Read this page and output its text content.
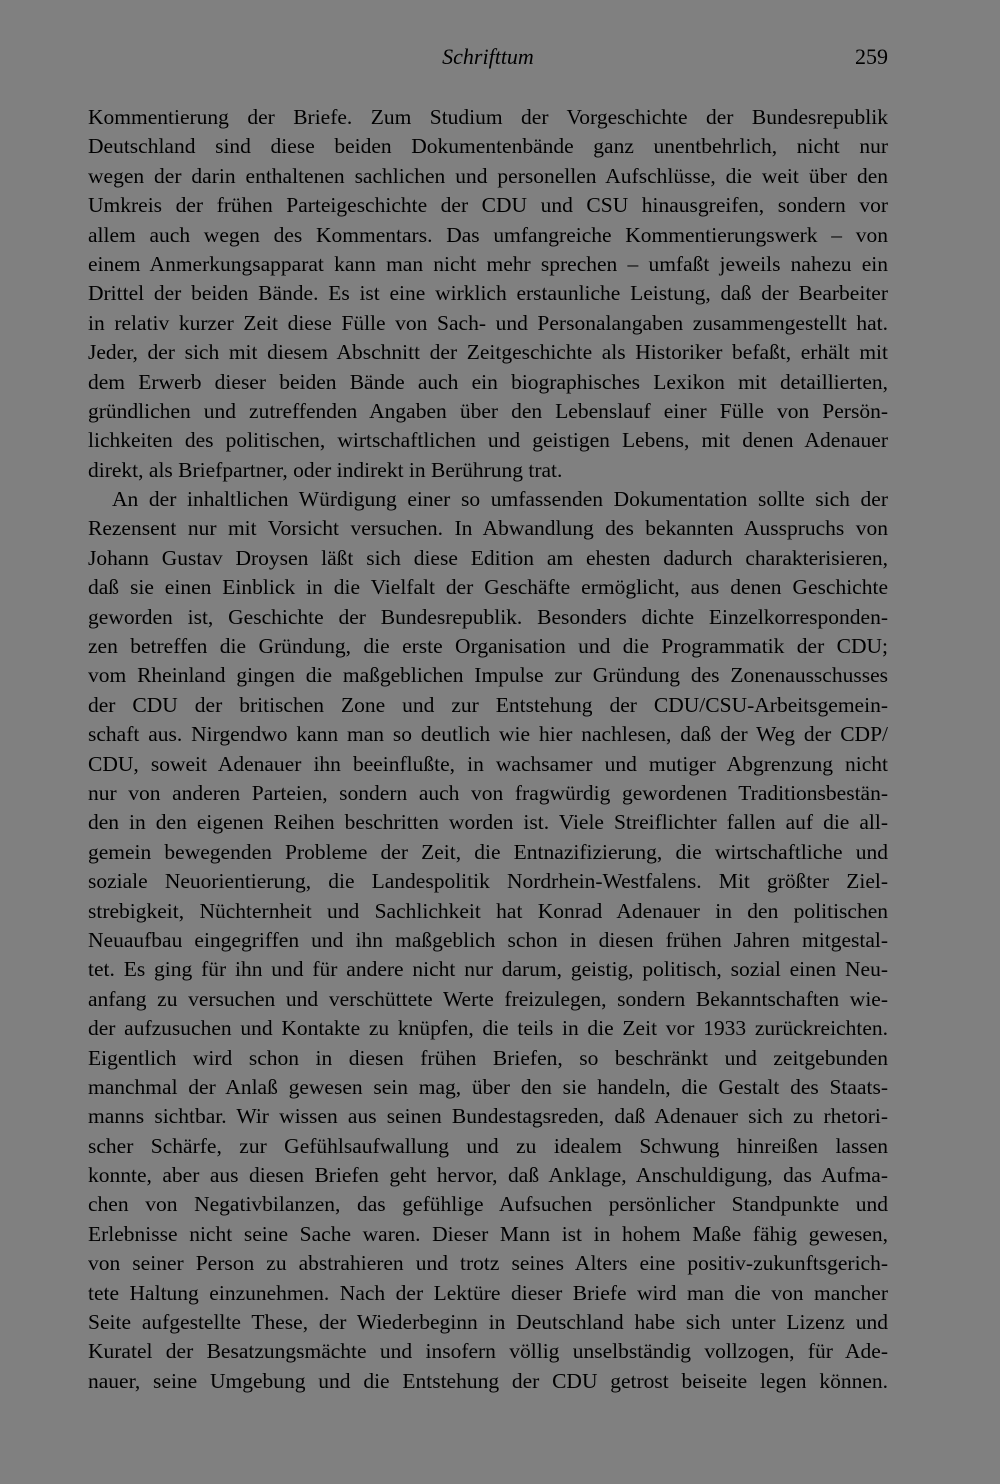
Schrifttum	259
Kommentierung der Briefe. Zum Studium der Vorgeschichte der Bundesrepublik
Deutschland sind diese beiden Dokumentenbände ganz unentbehrlich, nicht nur
wegen der darin enthaltenen sachlichen und personellen Aufschlüsse, die weit über den
Umkreis der frühen Parteigeschichte der CDU und CSU hinausgreifen, sondern vor
allem auch wegen des Kommentars. Das umfangreiche Kommentierungswerk – von
einem Anmerkungsapparat kann man nicht mehr sprechen – umfaßt jeweils nahezu ein
Drittel der beiden Bände. Es ist eine wirklich erstaunliche Leistung, daß der Bearbeiter
in relativ kurzer Zeit diese Fülle von Sach- und Personalangaben zusammengestellt hat.
Jeder, der sich mit diesem Abschnitt der Zeitgeschichte als Historiker befaßt, erhält mit
dem Erwerb dieser beiden Bände auch ein biographisches Lexikon mit detaillierten,
gründlichen und zutreffenden Angaben über den Lebenslauf einer Fülle von Persön-
lichkeiten des politischen, wirtschaftlichen und geistigen Lebens, mit denen Adenauer
direkt, als Briefpartner, oder indirekt in Berührung trat.
An der inhaltlichen Würdigung einer so umfassenden Dokumentation sollte sich der
Rezensent nur mit Vorsicht versuchen. In Abwandlung des bekannten Ausspruchs von
Johann Gustav Droysen läßt sich diese Edition am ehesten dadurch charakterisieren,
daß sie einen Einblick in die Vielfalt der Geschäfte ermöglicht, aus denen Geschichte
geworden ist, Geschichte der Bundesrepublik. Besonders dichte Einzelkorresponden-
zen betreffen die Gründung, die erste Organisation und die Programmatik der CDU;
vom Rheinland gingen die maßgeblichen Impulse zur Gründung des Zonenausschusses
der CDU der britischen Zone und zur Entstehung der CDU/CSU-Arbeitsgemein-
schaft aus. Nirgendwo kann man so deutlich wie hier nachlesen, daß der Weg der CDP/
CDU, soweit Adenauer ihn beeinflußte, in wachsamer und mutiger Abgrenzung nicht
nur von anderen Parteien, sondern auch von fragwürdig gewordenen Traditionsbestän-
den in den eigenen Reihen beschritten worden ist. Viele Streiflichter fallen auf die all-
gemein bewegenden Probleme der Zeit, die Entnazifizierung, die wirtschaftliche und
soziale Neuorientierung, die Landespolitik Nordrhein-Westfalens. Mit größter Ziel-
strebigkeit, Nüchternheit und Sachlichkeit hat Konrad Adenauer in den politischen
Neuaufbau eingegriffen und ihn maßgeblich schon in diesen frühen Jahren mitgestal-
tet. Es ging für ihn und für andere nicht nur darum, geistig, politisch, sozial einen Neu-
anfang zu versuchen und verschüttete Werte freizulegen, sondern Bekanntschaften wie-
der aufzusuchen und Kontakte zu knüpfen, die teils in die Zeit vor 1933 zurückreichten.
Eigentlich wird schon in diesen frühen Briefen, so beschränkt und zeitgebunden
manchmal der Anlaß gewesen sein mag, über den sie handeln, die Gestalt des Staats-
manns sichtbar. Wir wissen aus seinen Bundestagsreden, daß Adenauer sich zu rhetori-
scher Schärfe, zur Gefühlsaufwallung und zu idealem Schwung hinreißen lassen
konnte, aber aus diesen Briefen geht hervor, daß Anklage, Anschuldigung, das Aufma-
chen von Negativbilanzen, das gefühlige Aufsuchen persönlicher Standpunkte und
Erlebnisse nicht seine Sache waren. Dieser Mann ist in hohem Maße fähig gewesen,
von seiner Person zu abstrahieren und trotz seines Alters eine positiv-zukunftsgerich-
tete Haltung einzunehmen. Nach der Lektüre dieser Briefe wird man die von mancher
Seite aufgestellte These, der Wiederbeginn in Deutschland habe sich unter Lizenz und
Kuratel der Besatzungsmächte und insofern völlig unselbständig vollzogen, für Ade-
nauer, seine Umgebung und die Entstehung der CDU getrost beiseite legen können.
